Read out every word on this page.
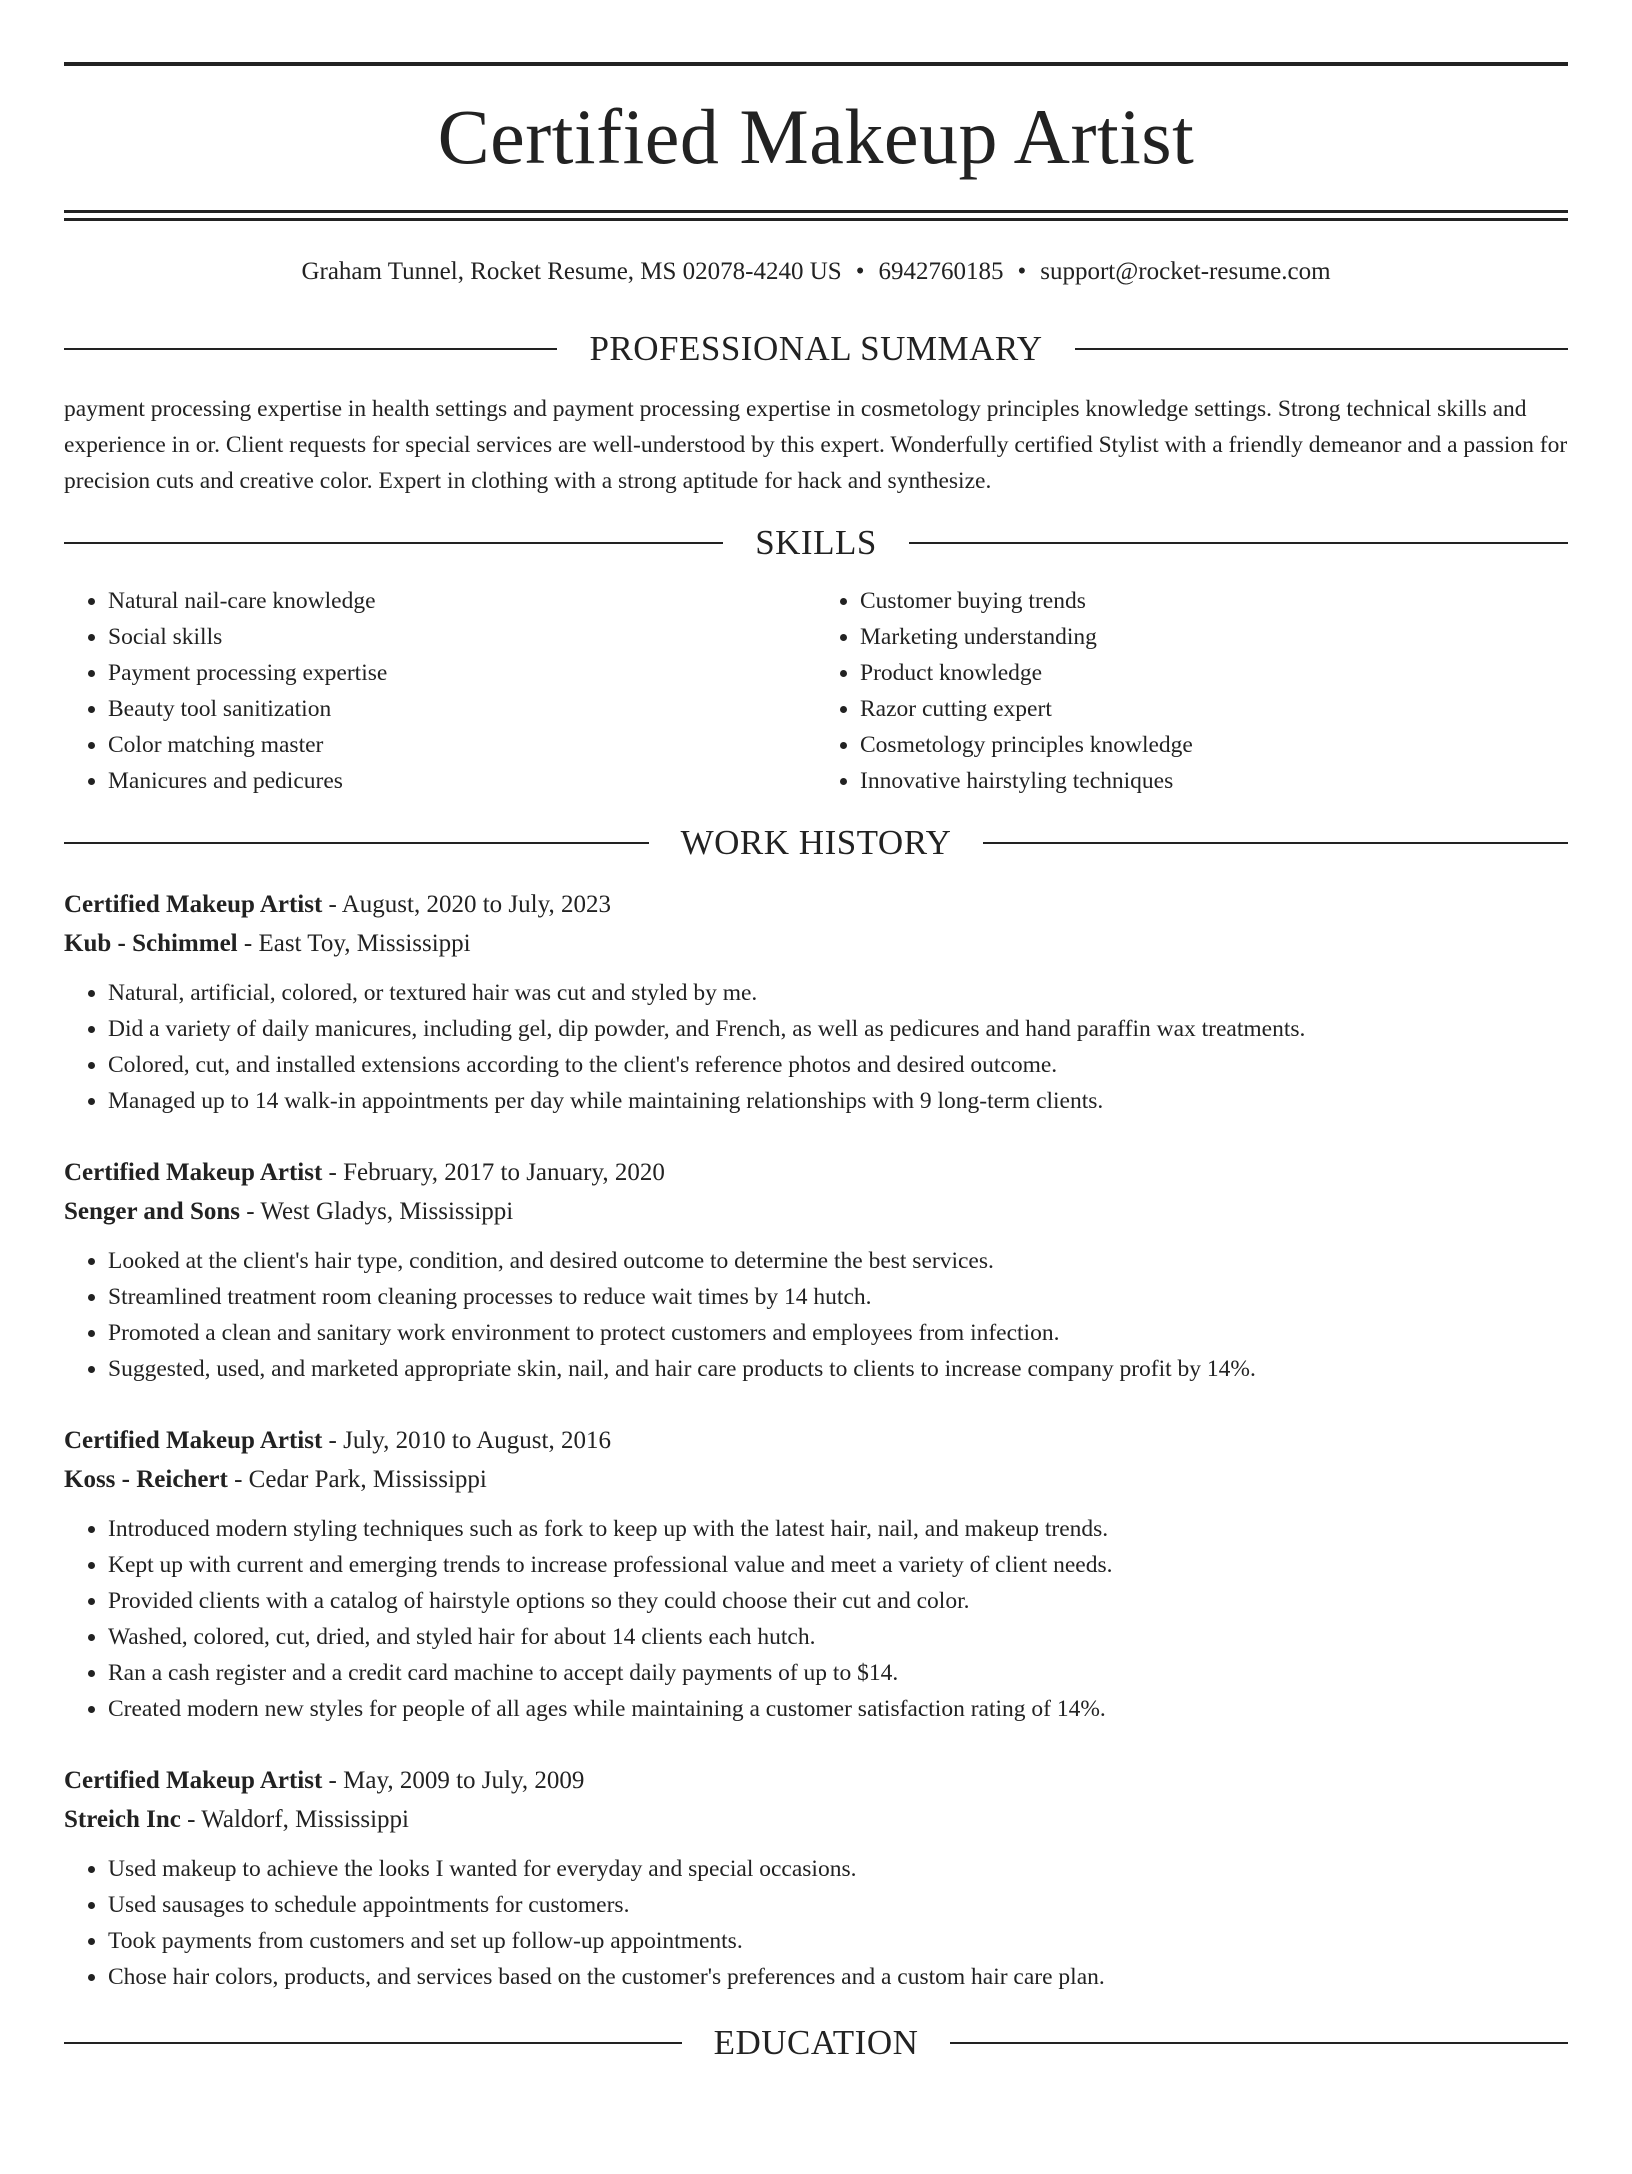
Certified Makeup Artist
Graham Tunnel, Rocket Resume, MS 02078-4240 US • 6942760185 • support@rocket-resume.com
PROFESSIONAL SUMMARY

payment processing expertise in health settings and payment processing expertise in cosmetology principles knowledge settings. Strong technical skills and experience in or. Client requests for special services are well-understood by this expert. Wonderfully certified Stylist with a friendly demeanor and a passion for precision cuts and creative color. Expert in clothing with a strong aptitude for hack and synthesize.

SKILLS
• Natural nail-care knowledge
• Social skills
• Payment processing expertise
• Beauty tool sanitization
• Color matching master
• Manicures and pedicures
• Customer buying trends
• Marketing understanding
• Product knowledge
• Razor cutting expert
• Cosmetology principles knowledge
• Innovative hairstyling techniques
WORK HISTORY
Certified Makeup Artist - August, 2020 to July, 2023
Kub - Schimmel - East Toy, Mississippi
• Natural, artificial, colored, or textured hair was cut and styled by me.
• Did a variety of daily manicures, including gel, dip powder, and French, as well as pedicures and hand paraffin wax treatments.
• Colored, cut, and installed extensions according to the client's reference photos and desired outcome.
• Managed up to 14 walk-in appointments per day while maintaining relationships with 9 long-term clients.
Certified Makeup Artist - February, 2017 to January, 2020
Senger and Sons - West Gladys, Mississippi
• Looked at the client's hair type, condition, and desired outcome to determine the best services.
• Streamlined treatment room cleaning processes to reduce wait times by 14 hutch.
• Promoted a clean and sanitary work environment to protect customers and employees from infection.
• Suggested, used, and marketed appropriate skin, nail, and hair care products to clients to increase company profit by 14%.
Certified Makeup Artist - July, 2010 to August, 2016
Koss - Reichert - Cedar Park, Mississippi
• Introduced modern styling techniques such as fork to keep up with the latest hair, nail, and makeup trends.
• Kept up with current and emerging trends to increase professional value and meet a variety of client needs.
• Provided clients with a catalog of hairstyle options so they could choose their cut and color.
• Washed, colored, cut, dried, and styled hair for about 14 clients each hutch.
• Ran a cash register and a credit card machine to accept daily payments of up to $14.
• Created modern new styles for people of all ages while maintaining a customer satisfaction rating of 14%.
Certified Makeup Artist - May, 2009 to July, 2009
Streich Inc - Waldorf, Mississippi
• Used makeup to achieve the looks I wanted for everyday and special occasions.
• Used sausages to schedule appointments for customers.
• Took payments from customers and set up follow-up appointments.
• Chose hair colors, products, and services based on the customer's preferences and a custom hair care plan.
EDUCATION
